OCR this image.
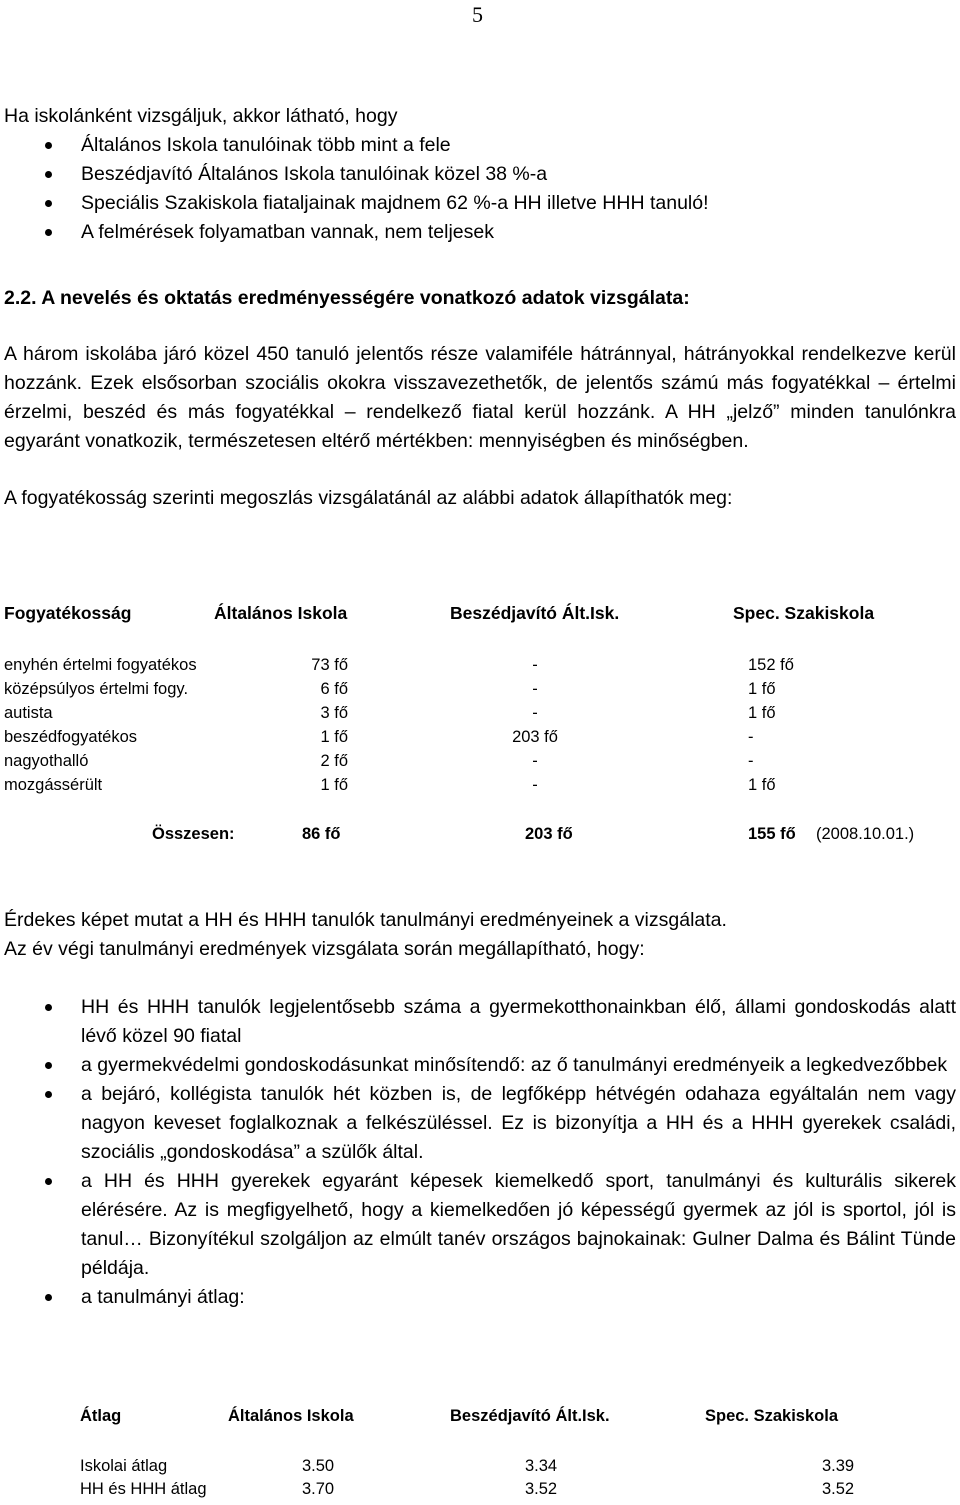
5
Ha iskolánként vizsgáljuk, akkor látható, hogy
Általános Iskola tanulóinak több mint a fele
Beszédjavító Általános Iskola tanulóinak közel 38 %-a
Speciális Szakiskola fiataljainak majdnem 62 %-a HH illetve HHH tanuló!
A felmérések folyamatban vannak, nem teljesek
2.2. A nevelés és oktatás eredményességére vonatkozó adatok vizsgálata:
A három iskolába járó közel 450 tanuló jelentős része valamiféle hátránnyal, hátrányokkal rendelkezve kerül hozzánk. Ezek elsősorban szociális okokra visszavezethetők, de jelentős számú más fogyatékkal – értelmi érzelmi, beszéd és más fogyatékkal – rendelkező fiatal kerül hozzánk. A HH „jelző” minden tanulónkra egyaránt vonatkozik, természetesen eltérő mértékben: mennyiségben és minőségben.
A fogyatékosság szerinti megoszlás vizsgálatánál az alábbi adatok állapíthatók meg:
Fogyatékosság	Általános Iskola	Beszédjavító Ált.Isk.	Spec. Szakiskola
enyhén értelmi fogyatékos	73 fő	-	152 fő
középsúlyos értelmi fogy.	6 fő	-	1 fő
autista	3 fő	-	1 fő
beszédfogyatékos	1 fő	203 fő	-
nagyothalló	2 fő	-	-
mozgássérült	1 fő	-	1 fő
Összesen:	86 fő	203 fő	155 fő (2008.10.01.)
Érdekes képet mutat a HH és HHH tanulók tanulmányi eredményeinek a vizsgálata.
Az év végi tanulmányi eredmények vizsgálata során megállapítható, hogy:
HH és HHH tanulók legjelentősebb száma a gyermekotthonainkban élő, állami gondoskodás alatt lévő közel 90 fiatal
a gyermekvédelmi gondoskodásunkat minősítendő: az ő tanulmányi eredményeik a legkedvezőbbek
a bejáró, kollégista tanulók hét közben is, de legfőképp hétvégén odahaza egyáltalán nem vagy nagyon keveset foglalkoznak a felkészüléssel. Ez is bizonyítja a HH és a HHH gyerekek családi, szociális „gondoskodása” a szülők által.
a HH és HHH gyerekek egyaránt képesek kiemelkedő sport, tanulmányi és kulturális sikerek elérésére. Az is megfigyelhető, hogy a kiemelkedően jó képességű gyermek az jól is sportol, jól is tanul… Bizonyítékul szolgáljon az elmúlt tanév országos bajnokainak: Gulner Dalma és Bálint Tünde példája.
a tanulmányi átlag:
Átlag	Általános Iskola	Beszédjavító Ált.Isk.	Spec. Szakiskola
Iskolai átlag	3.50	3.34	3.39
HH és HHH átlag	3.70	3.52	3.52
